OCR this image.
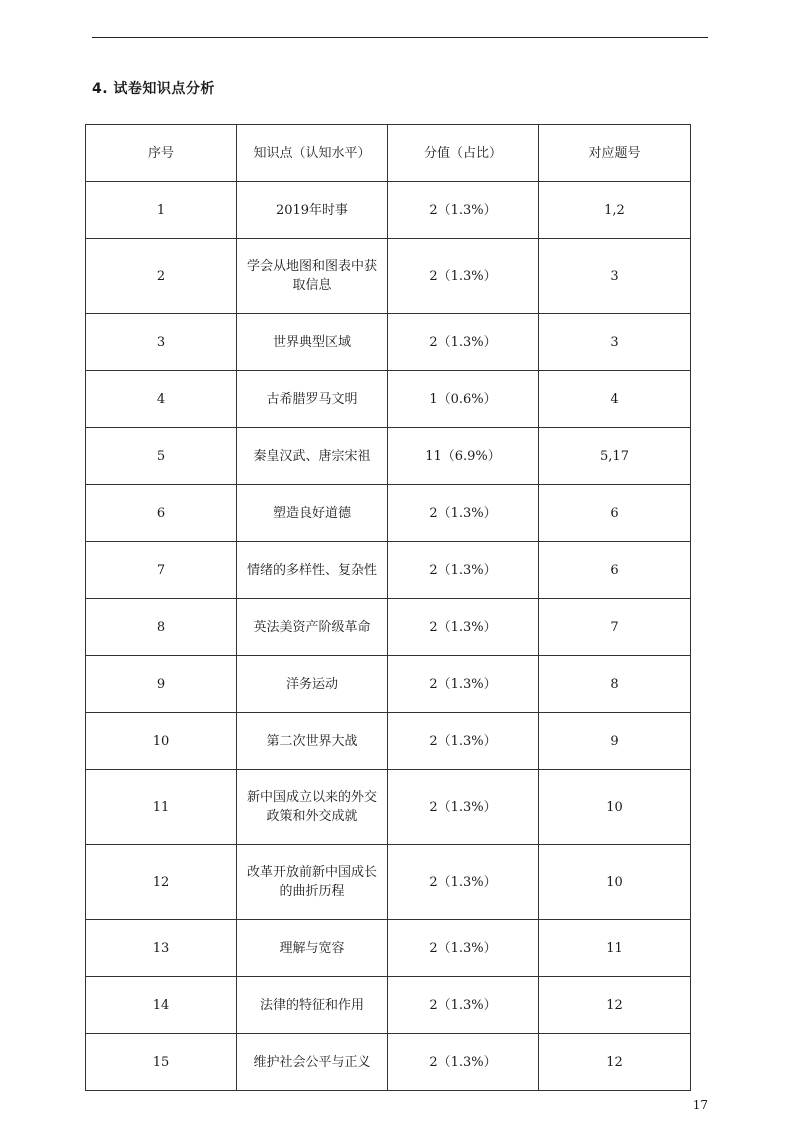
4. 试卷知识点分析
序号	知识点（认知水平）	分值（占比）	对应题号
1	2019年时事	2（1.3%）	1,2
2	学会从地图和图表中获取信息	2（1.3%）	3
3	世界典型区域	2（1.3%）	3
4	古希腊罗马文明	1（0.6%）	4
5	秦皇汉武、唐宗宋祖	11（6.9%）	5,17
6	塑造良好道德	2（1.3%）	6
7	情绪的多样性、复杂性	2（1.3%）	6
8	英法美资产阶级革命	2（1.3%）	7
9	洋务运动	2（1.3%）	8
10	第二次世界大战	2（1.3%）	9
11	新中国成立以来的外交政策和外交成就	2（1.3%）	10
12	改革开放前新中国成长的曲折历程	2（1.3%）	10
13	理解与宽容	2（1.3%）	11
14	法律的特征和作用	2（1.3%）	12
15	维护社会公平与正义	2（1.3%）	12
17
